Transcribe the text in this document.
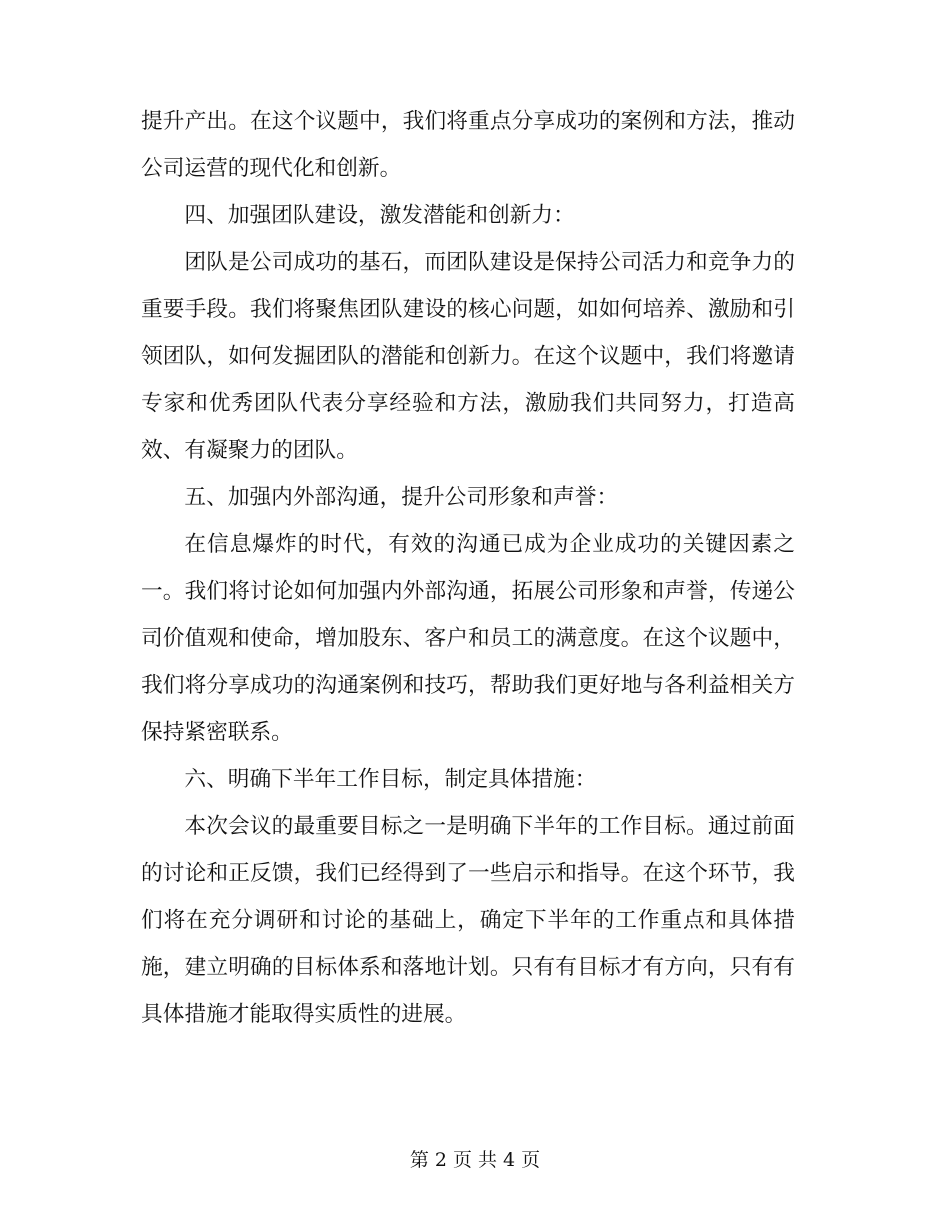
提升产出。在这个议题中，我们将重点分享成功的案例和方法，推动公司运营的现代化和创新。

四、加强团队建设，激发潜能和创新力：

团队是公司成功的基石，而团队建设是保持公司活力和竞争力的重要手段。我们将聚焦团队建设的核心问题，如如何培养、激励和引领团队，如何发掘团队的潜能和创新力。在这个议题中，我们将邀请专家和优秀团队代表分享经验和方法，激励我们共同努力，打造高效、有凝聚力的团队。

五、加强内外部沟通，提升公司形象和声誉：

在信息爆炸的时代，有效的沟通已成为企业成功的关键因素之一。我们将讨论如何加强内外部沟通，拓展公司形象和声誉，传递公司价值观和使命，增加股东、客户和员工的满意度。在这个议题中，我们将分享成功的沟通案例和技巧，帮助我们更好地与各利益相关方保持紧密联系。

六、明确下半年工作目标，制定具体措施：

本次会议的最重要目标之一是明确下半年的工作目标。通过前面的讨论和正反馈，我们已经得到了一些启示和指导。在这个环节，我们将在充分调研和讨论的基础上，确定下半年的工作重点和具体措施，建立明确的目标体系和落地计划。只有有目标才有方向，只有有具体措施才能取得实质性的进展。

第 2 页 共 4 页
